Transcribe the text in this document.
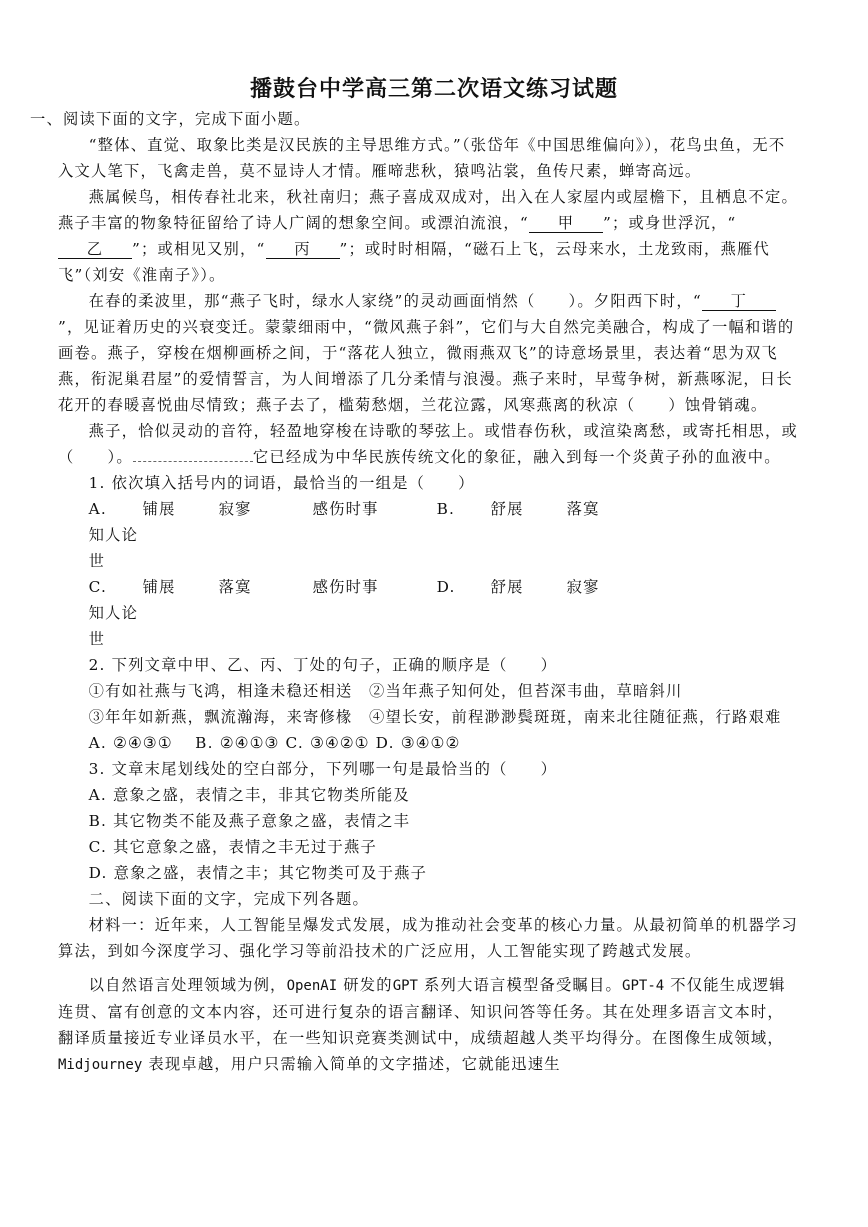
播鼓台中学高三第二次语文练习试题

一、阅读下面的文字，完成下面小题。

“整体、直觉、取象比类是汉民族的主导思维方式。”（张岱年《中国思维偏向》），花鸟虫鱼，无不入文人笔下，飞禽走兽，莫不显诗人才情。雁啼悲秋，猿鸣沾裳，鱼传尺素，蝉寄高远。

燕属候鸟，相传春社北来，秋社南归；燕子喜成双成对，出入在人家屋内或屋檐下，且栖息不定。燕子丰富的物象特征留给了诗人广阔的想象空间。或漂泊流浪，“ 甲 ”；或身世浮沉，“乙 ”；或相见又别，“ 丙 ”；或时时相隔，“磁石上飞，云母来水，土龙致雨，燕雁代飞”（刘安《淮南子》）。

在春的柔波里，那“燕子飞时，绿水人家绕”的灵动画面悄然（　　）。夕阳西下时，“ 丁”，见证着历史的兴衰变迁。蒙蒙细雨中，“微风燕子斜”，它们与大自然完美融合，构成了一幅和谐的画卷。燕子，穿梭在烟柳画桥之间，于“落花人独立，微雨燕双飞”的诗意场景里，表达着“思为双飞燕，衔泥巢君屋”的爱情誓言，为人间增添了几分柔情与浪漫。燕子来时，早莺争树，新燕啄泥，日长花开的春暖喜悦曲尽情致；燕子去了，槛菊愁烟，兰花泣露，风寒燕离的秋凉（　　）蚀骨销魂。

燕子，恰似灵动的音符，轻盈地穿梭在诗歌的琴弦上。或惜春伤秋，或渲染离愁，或寄托相思，或（　　）。	它已经成为中华民族传统文化的象征，融入到每一个炎黄子孙的血液中。

1. 依次填入括号内的词语，最恰当的一组是（　　）

A.	铺展	寂寥	感伤时事	B.	舒展	落寞
知人论世
C.	铺展	落寞	感伤时事	D.	舒展	寂寥
知人论世

2. 下列文章中甲、乙、丙、丁处的句子，正确的顺序是（　　）

①有如社燕与飞鸿，相逢未稳还相送　②当年燕子知何处，但苔深韦曲，草暗斜川

③年年如新燕，飘流瀚海，来寄修椽　④望长安，前程渺渺鬓斑斑，南来北往随征燕，行路艰难

A. ②④③①　 B. ②④①③ C. ③④②① D. ③④①②

3. 文章末尾划线处的空白部分，下列哪一句是最恰当的（　　）

A. 意象之盛，表情之丰，非其它物类所能及

B. 其它物类不能及燕子意象之盛，表情之丰

C. 其它意象之盛，表情之丰无过于燕子

D. 意象之盛，表情之丰；其它物类可及于燕子

二、阅读下面的文字，完成下列各题。

材料一：近年来，人工智能呈爆发式发展，成为推动社会变革的核心力量。从最初简单的机器学习算法，到如今深度学习、强化学习等前沿技术的广泛应用，人工智能实现了跨越式发展。

以自然语言处理领域为例，OpenAI 研发的GPT 系列大语言模型备受瞩目。GPT-4 不仅能生成逻辑连贯、富有创意的文本内容，还可进行复杂的语言翻译、知识问答等任务。其在处理多语言文本时，翻译质量接近专业译员水平，在一些知识竞赛类测试中，成绩超越人类平均得分。在图像生成领域，Midjourney 表现卓越，用户只需输入简单的文字描述，它就能迅速生
